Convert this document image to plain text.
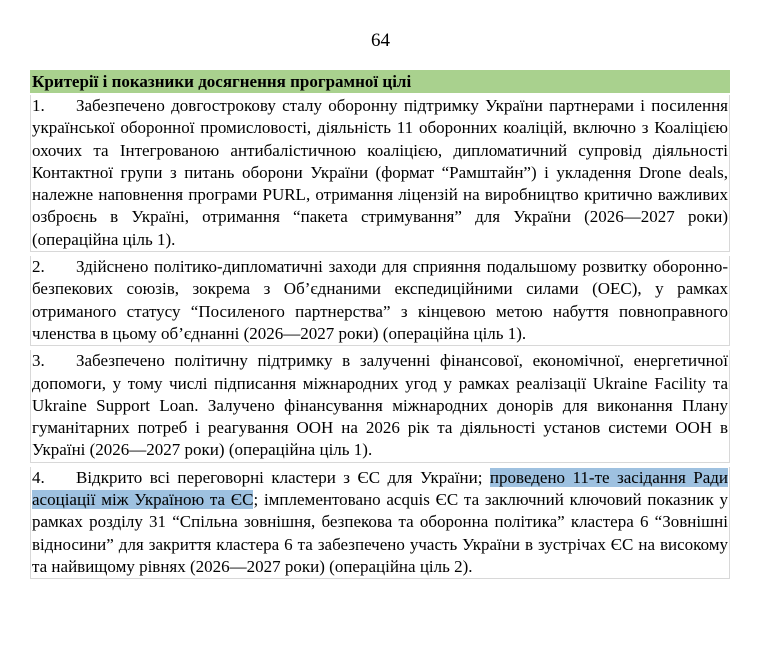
64
Критерії і показники досягнення програмної цілі
1. Забезпечено довгострокову сталу оборонну підтримку України партнерами і посилення української оборонної промисловості, діяльність 11 оборонних коаліцій, включно з Коаліцією охочих та Інтегрованою антибалістичною коаліцією, дипломатичний супровід діяльності Контактної групи з питань оборони України (формат “Рамштайн”) і укладення Drone deals, належне наповнення програми PURL, отримання ліцензій на виробництво критично важливих озброєнь в Україні, отримання “пакета стримування” для України (2026—2027 роки) (операційна ціль 1).
2. Здійснено політико-дипломатичні заходи для сприяння подальшому розвитку оборонно-безпекових союзів, зокрема з Об’єднаними експедиційними силами (ОЕС), у рамках отриманого статусу “Посиленого партнерства” з кінцевою метою набуття повноправного членства в цьому об’єднанні (2026—2027 роки) (операційна ціль 1).
3. Забезпечено політичну підтримку в залученні фінансової, економічної, енергетичної допомоги, у тому числі підписання міжнародних угод у рамках реалізації Ukraine Facility та Ukraine Support Loan. Залучено фінансування міжнародних донорів для виконання Плану гуманітарних потреб і реагування ООН на 2026 рік та діяльності установ системи ООН в Україні (2026—2027 роки) (операційна ціль 1).
4. Відкрито всі переговорні кластери з ЄС для України; проведено 11-те засідання Ради асоціації між Україною та ЄС; імплементовано acquis ЄС та заключний ключовий показник у рамках розділу 31 “Спільна зовнішня, безпекова та оборонна політика” кластера 6 “Зовнішні відносини” для закриття кластера 6 та забезпечено участь України в зустрічах ЄС на високому та найвищому рівнях (2026—2027 роки) (операційна ціль 2).
